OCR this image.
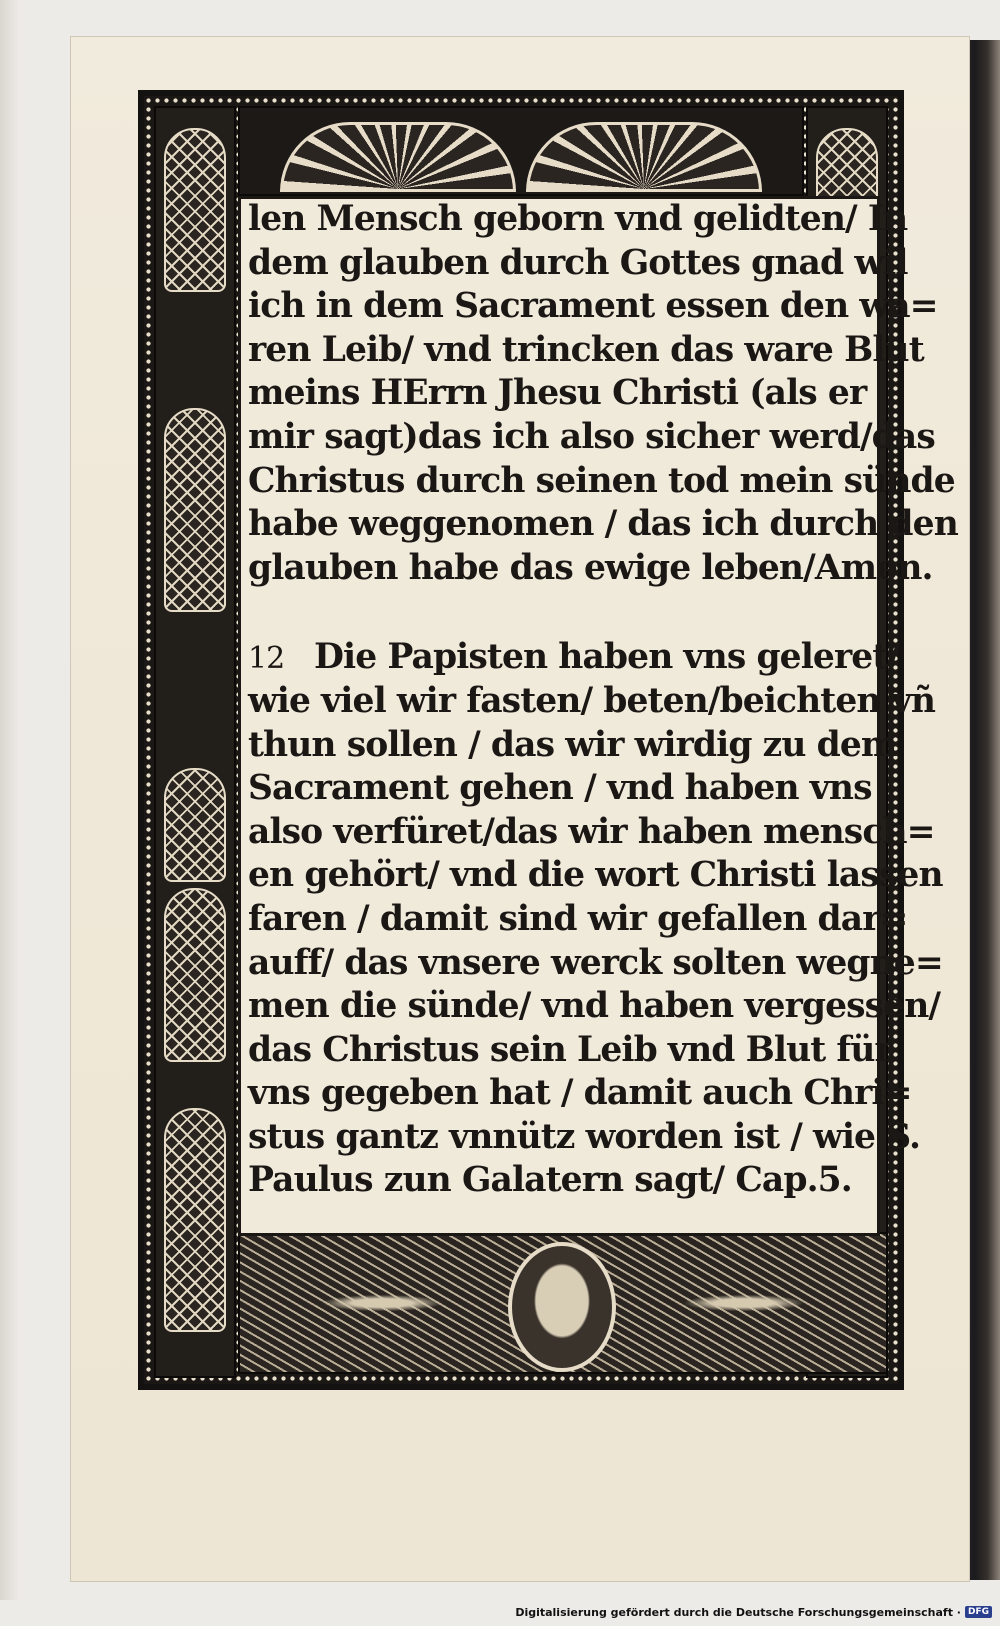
len Mensch geborn vnd gelidten/ In
dem glauben durch Gottes gnad wil
ich in dem Sacrament essen den wa=
ren Leib/ vnd trincken das ware Blut
meins HErrn Jhesu Christi (als er
mir sagt)das ich also sicher werd/das
Christus durch seinen tod mein sünde
habe weggenomen / das ich durch den
glauben habe das ewige leben/Amen.
12 Die Papisten haben vns geleret/
wie viel wir fasten/ beten/beichten vñ
thun sollen / das wir wirdig zu dem
Sacrament gehen / vnd haben vns
also verfüret/das wir haben mensch=
en gehört/ vnd die wort Christi lassen
faren / damit sind wir gefallen dar=
auff/ das vnsere werck solten wegne=
men die sünde/ vnd haben vergessen/
das Christus sein Leib vnd Blut für
vns gegeben hat / damit auch Chri=
stus gantz vnnütz worden ist / wie S.
Paulus zun Galatern sagt/ Cap.5.
Digitalisierung gefördert durch die Deutsche Forschungsgemeinschaft · DFG
